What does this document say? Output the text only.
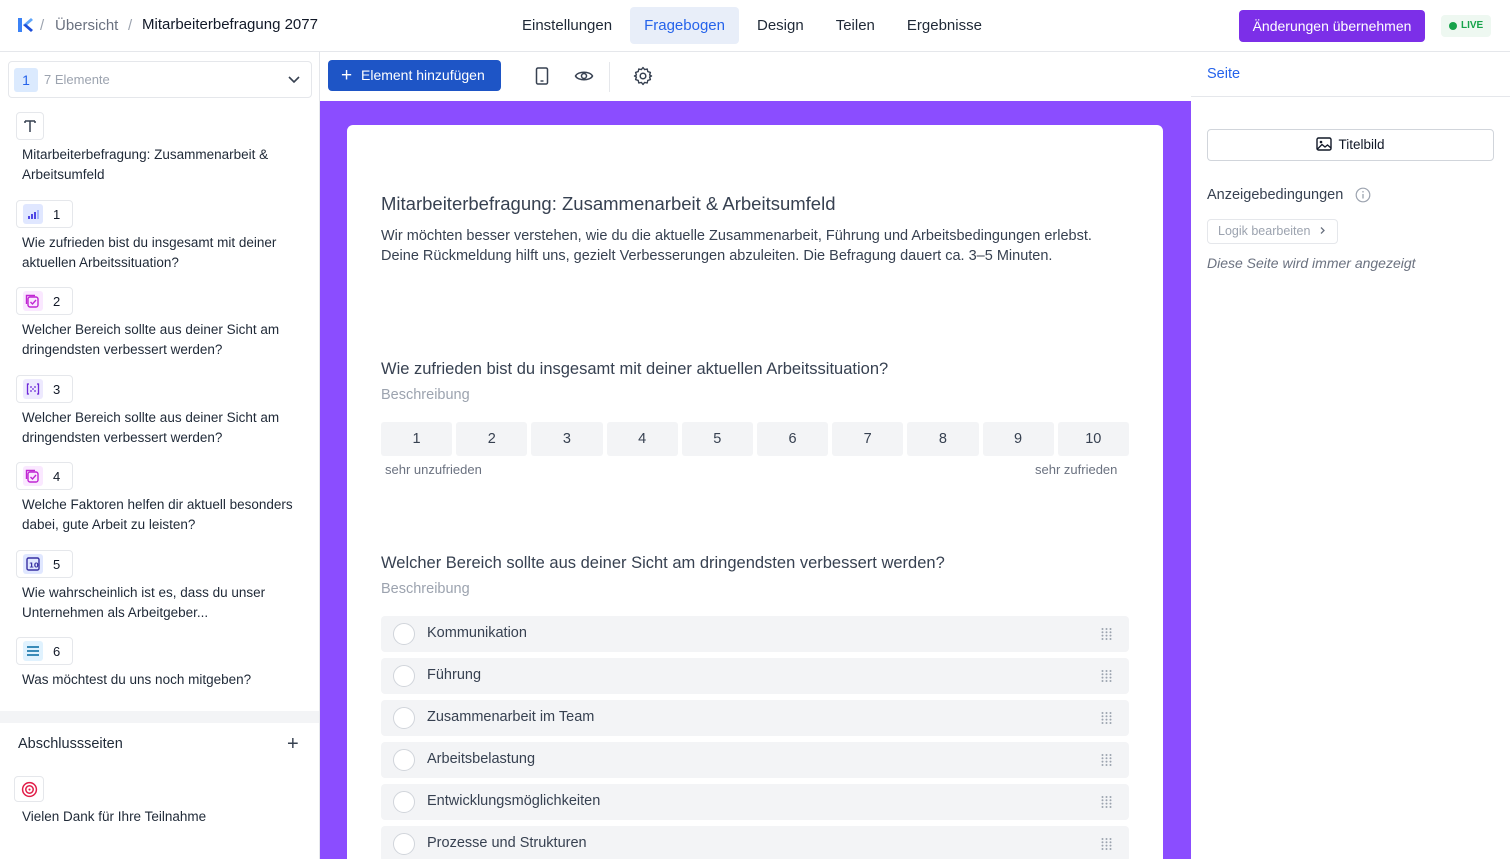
/ Übersicht / Mitarbeiterbefragung 2077	Einstellungen	Fragebogen	Design	Teilen	Ergebnisse	Änderungen übernehmen	LIVE
1	7 Elemente
Mitarbeiterbefragung: Zusammenarbeit & Arbeitsumfeld
1
Wie zufrieden bist du insgesamt mit deiner aktuellen Arbeitssituation?
2
Welcher Bereich sollte aus deiner Sicht am dringendsten verbessert werden?
3
Welcher Bereich sollte aus deiner Sicht am dringendsten verbessert werden?
4
Welche Faktoren helfen dir aktuell besonders dabei, gute Arbeit zu leisten?
10 5
Wie wahrscheinlich ist es, dass du unser Unternehmen als Arbeitgeber...
6
Was möchtest du uns noch mitgeben?
Abschlussseiten	+
Vielen Dank für Ihre Teilnahme
+ Element hinzufügen
Mitarbeiterbefragung: Zusammenarbeit & Arbeitsumfeld
Wir möchten besser verstehen, wie du die aktuelle Zusammenarbeit, Führung und Arbeitsbedingungen erlebst. Deine Rückmeldung hilft uns, gezielt Verbesserungen abzuleiten. Die Befragung dauert ca. 3–5 Minuten.
Wie zufrieden bist du insgesamt mit deiner aktuellen Arbeitssituation?
Beschreibung
1	2	3	4	5	6	7	8	9	10
sehr unzufrieden	sehr zufrieden
Welcher Bereich sollte aus deiner Sicht am dringendsten verbessert werden?
Beschreibung
Kommunikation
Führung
Zusammenarbeit im Team
Arbeitsbelastung
Entwicklungsmöglichkeiten
Prozesse und Strukturen
Seite
Titelbild
Anzeigebedingungen
Logik bearbeiten
Diese Seite wird immer angezeigt
